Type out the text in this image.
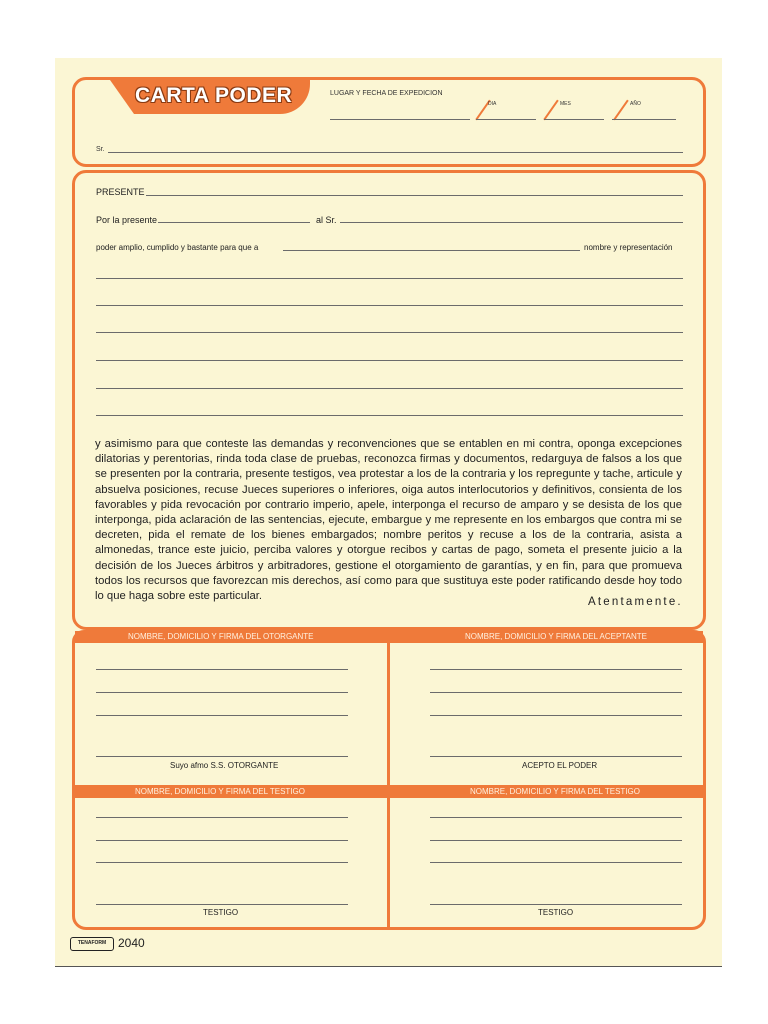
CARTA PODER	LUGAR Y FECHA DE EXPEDICION
DIA	MES	AÑO
Sr.
PRESENTE
Por la presente	al Sr.
poder amplio, cumplido y bastante para que a	nombre y representación
y asimismo para que conteste las demandas y reconvenciones que se entablen en mi contra, oponga excepciones dilatorias y perentorias, rinda toda clase de pruebas, reconozca firmas y documentos, redarguya de falsos a los que se presenten por la contraria, presente testigos, vea protestar a los de la contraria y los repregunte y tache, articule y absuelva posiciones, recuse Jueces superiores o inferiores, oiga autos interlocutorios y definitivos, consienta de los favorables y pida revocación por contrario imperio, apele, interponga el recurso de amparo y se desista de los que interponga, pida aclaración de las sentencias, ejecute, embargue y me represente en los embargos que contra mi se decreten, pida el remate de los bienes embargados; nombre peritos y recuse a los de la contraria, asista a almonedas, trance este juicio, perciba valores y otorgue recibos y cartas de pago, someta el presente juicio a la decisión de los Jueces árbitros y arbitradores, gestione el otorgamiento de garantías, y en fin, para que promueva todos los recursos que favorezcan mis derechos, así como para que sustituya este poder ratificando desde hoy todo lo que haga sobre este particular.	Atentamente.
NOMBRE, DOMICILIO Y FIRMA DEL OTORGANTE	NOMBRE, DOMICILIO Y FIRMA DEL ACEPTANTE
Suyo afmo S.S. OTORGANTE	ACEPTO EL PODER
NOMBRE, DOMICILIO Y FIRMA DEL TESTIGO	NOMBRE, DOMICILIO Y FIRMA DEL TESTIGO
TESTIGO	TESTIGO
TENAFORM 2040
